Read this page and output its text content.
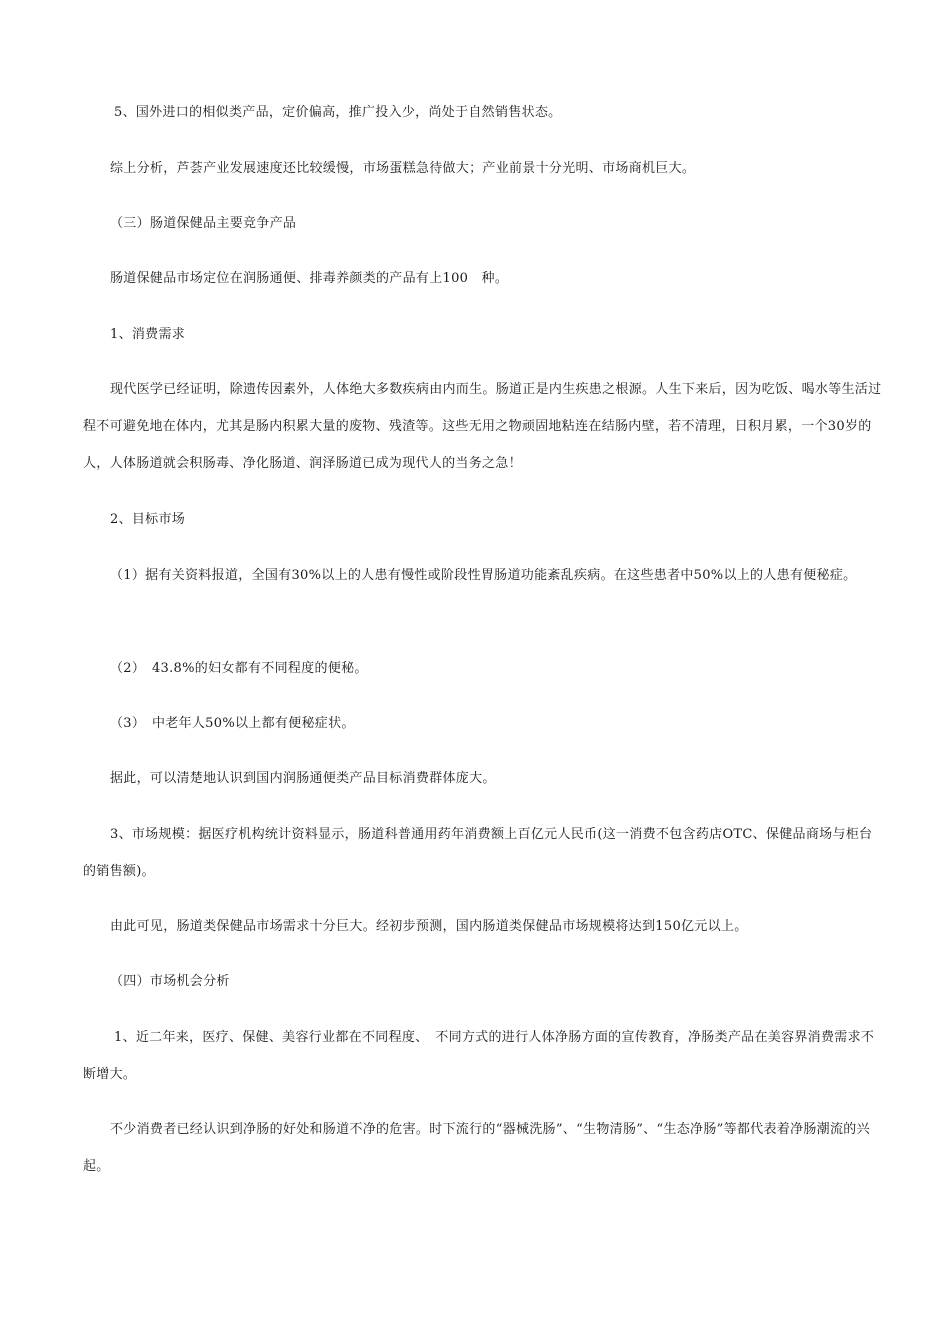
5、国外进口的相似类产品，定价偏高，推广投入少，尚处于自然销售状态。

综上分析，芦荟产业发展速度还比较缓慢，市场蛋糕急待做大；产业前景十分光明、市场商机巨大。

（三）肠道保健品主要竞争产品

肠道保健品市场定位在润肠通便、排毒养颜类的产品有上100　种。

1、消费需求

现代医学已经证明，除遗传因素外，人体绝大多数疾病由内而生。肠道正是内生疾患之根源。人生下来后，因为吃饭、喝水等生活过程不可避免地在体内，尤其是肠内积累大量的废物、残渣等。这些无用之物顽固地粘连在结肠内壁，若不清理，日积月累，一个30岁的人，人体肠道就会积肠毒、净化肠道、润泽肠道已成为现代人的当务之急！

2、目标市场

（1）据有关资料报道，全国有30%以上的人患有慢性或阶段性胃肠道功能紊乱疾病。在这些患者中50%以上的人患有便秘症。

（2）　43.8%的妇女都有不同程度的便秘。

（3）　中老年人50%以上都有便秘症状。

据此，可以清楚地认识到国内润肠通便类产品目标消费群体庞大。

3、市场规模：据医疗机构统计资料显示，肠道科普通用药年消费额上百亿元人民币(这一消费不包含药店OTC、保健品商场与柜台的销售额)。

由此可见，肠道类保健品市场需求十分巨大。经初步预测，国内肠道类保健品市场规模将达到150亿元以上。

（四）市场机会分析

1、近二年来，医疗、保健、美容行业都在不同程度、　不同方式的进行人体净肠方面的宣传教育，净肠类产品在美容界消费需求不断增大。

不少消费者已经认识到净肠的好处和肠道不净的危害。时下流行的“器械洗肠”、“生物清肠”、“生态净肠”等都代表着净肠潮流的兴起。
